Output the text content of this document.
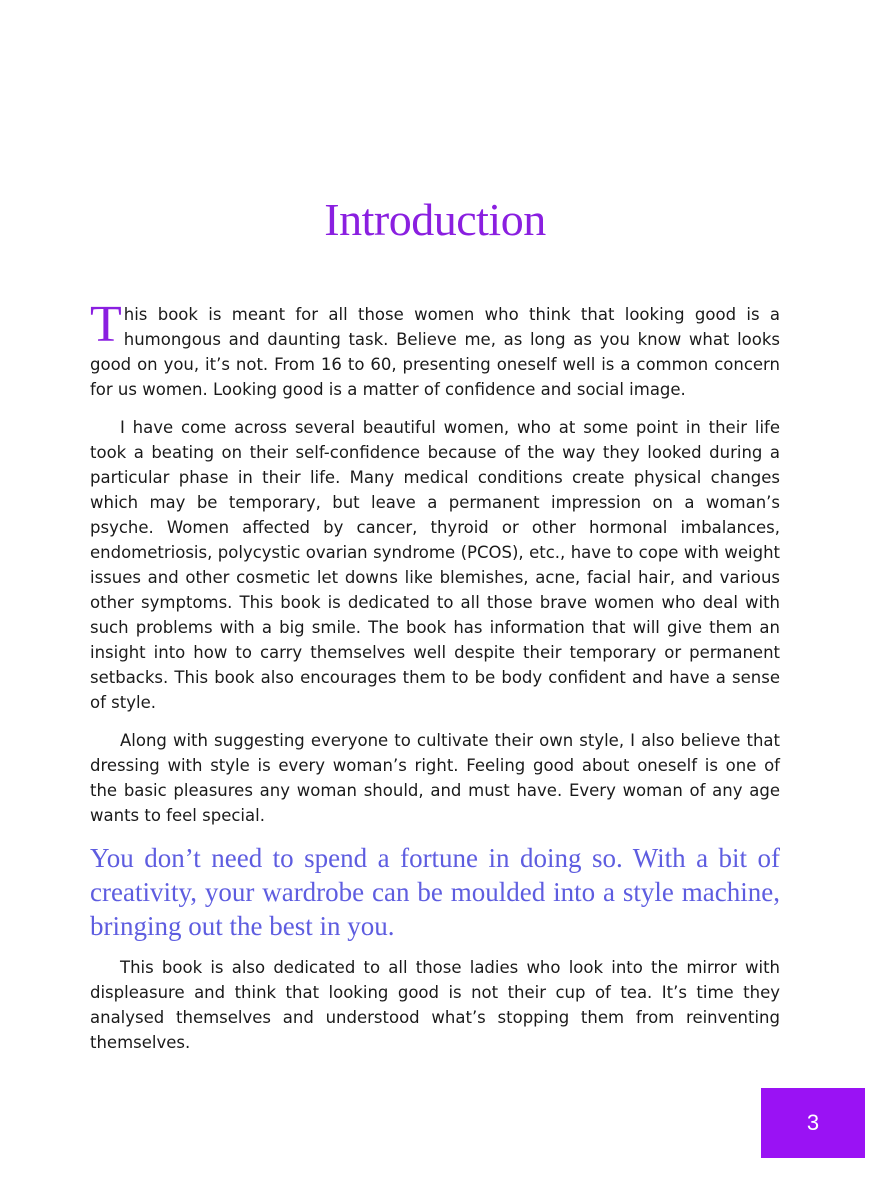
Introduction

This book is meant for all those women who think that looking good is a humongous and daunting task. Believe me, as long as you know what looks good on you, it’s not. From 16 to 60, presenting oneself well is a common concern for us women. Looking good is a matter of confidence and social image.

I have come across several beautiful women, who at some point in their life took a beating on their self-confidence because of the way they looked during a particular phase in their life. Many medical conditions create physical changes which may be temporary, but leave a permanent impression on a woman’s psyche. Women affected by cancer, thyroid or other hormonal imbalances, endometriosis, polycystic ovarian syndrome (PCOS), etc., have to cope with weight issues and other cosmetic let downs like blemishes, acne, facial hair, and various other symptoms. This book is dedicated to all those brave women who deal with such problems with a big smile. The book has information that will give them an insight into how to carry themselves well despite their temporary or permanent setbacks. This book also encourages them to be body confident and have a sense of style.

Along with suggesting everyone to cultivate their own style, I also believe that dressing with style is every woman’s right. Feeling good about oneself is one of the basic pleasures any woman should, and must have. Every woman of any age wants to feel special.

You don’t need to spend a fortune in doing so. With a bit of creativity, your wardrobe can be moulded into a style machine, bringing out the best in you.

This book is also dedicated to all those ladies who look into the mirror with displeasure and think that looking good is not their cup of tea. It’s time they analysed themselves and understood what’s stopping them from reinventing themselves.

3
